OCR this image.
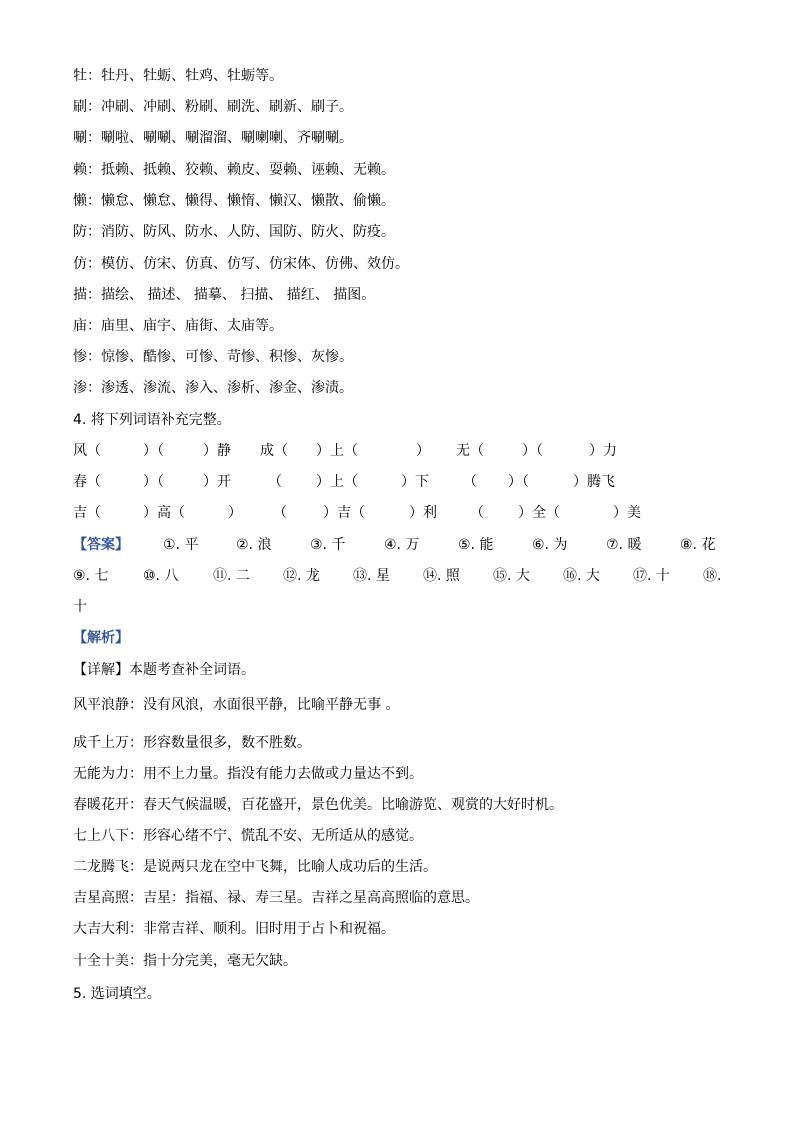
牡：牡丹、牡蛎、牡鸡、牡蛎等。
刷：冲刷、冲刷、粉刷、刷洗、刷新、刷子。
唰：唰啦、唰唰、唰溜溜、唰喇喇、齐唰唰。
赖：抵赖、抵赖、狡赖、赖皮、耍赖、诬赖、无赖。
懒：懒怠、懒怠、懒得、懒惰、懒汉、懒散、偷懒。
防：消防、防风、防水、人防、国防、防火、防疫。
仿：模仿、仿宋、仿真、仿写、仿宋体、仿佛、效仿。
描：描绘、 描述、 描摹、 扫描、 描红、 描图。
庙：庙里、庙宇、庙街、太庙等。
惨：惊惨、酷惨、可惨、苛惨、积惨、灰惨。
渗：渗透、渗流、渗入、渗析、渗金、渗渍。
4. 将下列词语补充完整。
风（	）（	）静 成（ ）上（	） 无（	）（	）力
春（	）（	）开	（ ）上（	）下 （ ）（	）腾飞
吉（	）高（	） （	）吉（	）利 （ ）全（	）美
【答案】 ①. 平	②. 浪	③. 千	④. 万	⑤. 能	⑥. 为	⑦. 暖	⑧. 花
⑨. 七 ⑩. 八 ⑪. 二 ⑫. 龙 ⑬. 星 ⑭. 照 ⑮. 大 ⑯. 大 ⑰. 十 ⑱.
十
【解析】
【详解】本题考查补全词语。
风平浪静：没有风浪，水面很平静，比喻平静无事 。
成千上万：形容数量很多，数不胜数。
无能为力：用不上力量。指没有能力去做或力量达不到。
春暖花开：春天气候温暖，百花盛开，景色优美。比喻游览、观赏的大好时机。
七上八下：形容心绪不宁、慌乱不安、无所适从的感觉。
二龙腾飞：是说两只龙在空中飞舞，比喻人成功后的生活。
吉星高照：吉星：指福、禄、寿三星。吉祥之星高高照临的意思。
大吉大利：非常吉祥、顺利。旧时用于占卜和祝福。
十全十美：指十分完美，毫无欠缺。
5. 选词填空。
